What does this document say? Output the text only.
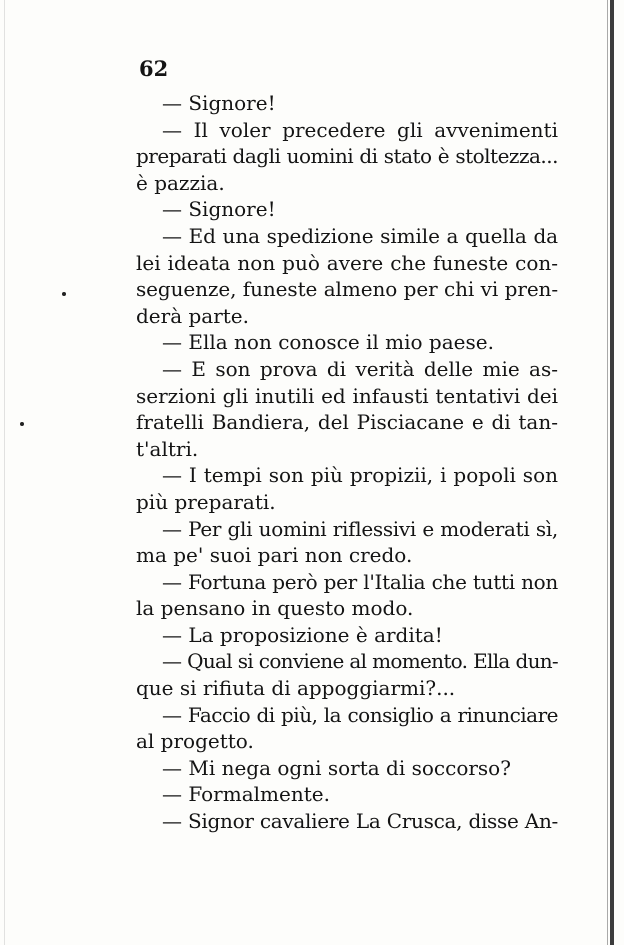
62
— Signore!
— Il voler precedere gli avvenimenti
preparati dagli uomini di stato è stoltezza...
è pazzia.
— Signore!
— Ed una spedizione simile a quella da
lei ideata non può avere che funeste con-
seguenze, funeste almeno per chi vi pren-
derà parte.
— Ella non conosce il mio paese.
— E son prova di verità delle mie as-
serzioni gli inutili ed infausti tentativi dei
fratelli Bandiera, del Pisciacane e di tan-
t'altri.
— I tempi son più propizii, i popoli son
più preparati.
— Per gli uomini riflessivi e moderati sì,
ma pe' suoi pari non credo.
— Fortuna però per l'Italia che tutti non
la pensano in questo modo.
— La proposizione è ardita!
— Qual si conviene al momento. Ella dun-
que si rifiuta di appoggiarmi?...
— Faccio di più, la consiglio a rinunciare
al progetto.
— Mi nega ogni sorta di soccorso?
— Formalmente.
— Signor cavaliere La Crusca, disse An-
